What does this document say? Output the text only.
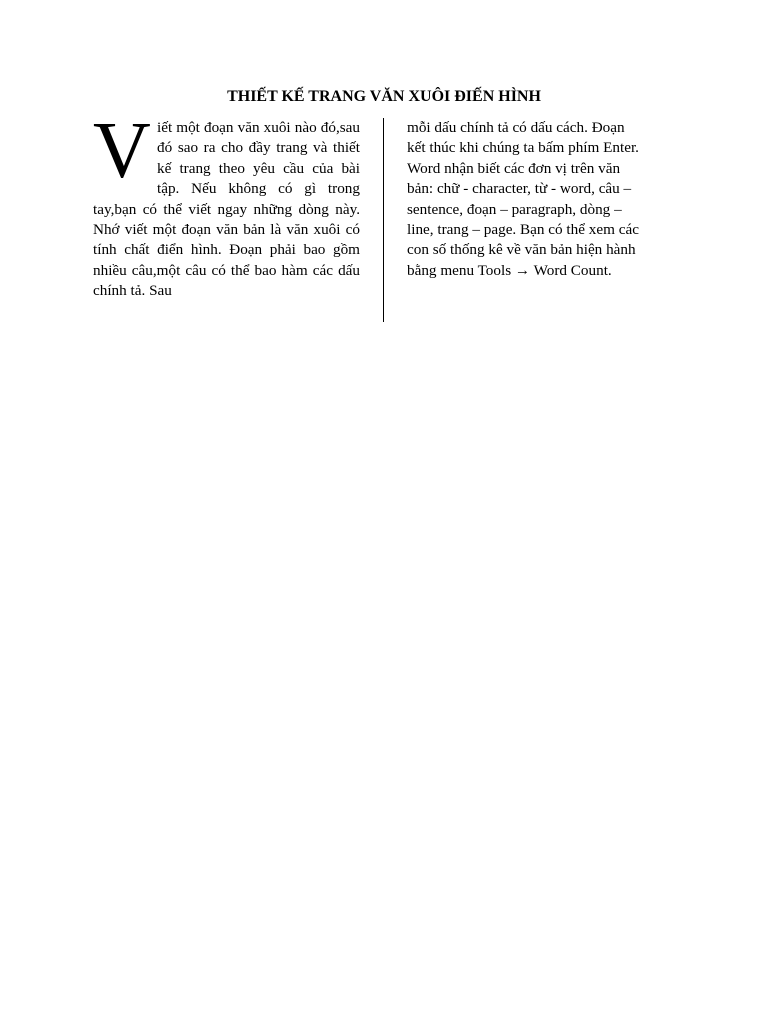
THIẾT KẾ TRANG VĂN XUÔI ĐIẾN HÌNH
Viết một đoạn văn xuôi nào đó,sau đó sao ra cho đầy trang và thiết kế trang theo yêu cầu của bài tập. Nếu không có gì trong tay,bạn có thể viết ngay những dòng này. Nhớ viết một đoạn văn bản là văn xuôi có tính chất điển hình. Đoạn phải bao gồm nhiều câu,một câu có thể bao hàm các dấu chính tả. Sau
mỗi dấu chính tả có dấu cách. Đoạn
kết thúc khi chúng ta bấm phím Enter.
Word nhận biết các đơn vị trên văn
bản: chữ - character, từ - word, câu –
sentence, đoạn – paragraph, dòng –
line, trang – page. Bạn có thể xem các
con số thống kê về văn bản hiện hành
bằng menu Tools → Word Count.
